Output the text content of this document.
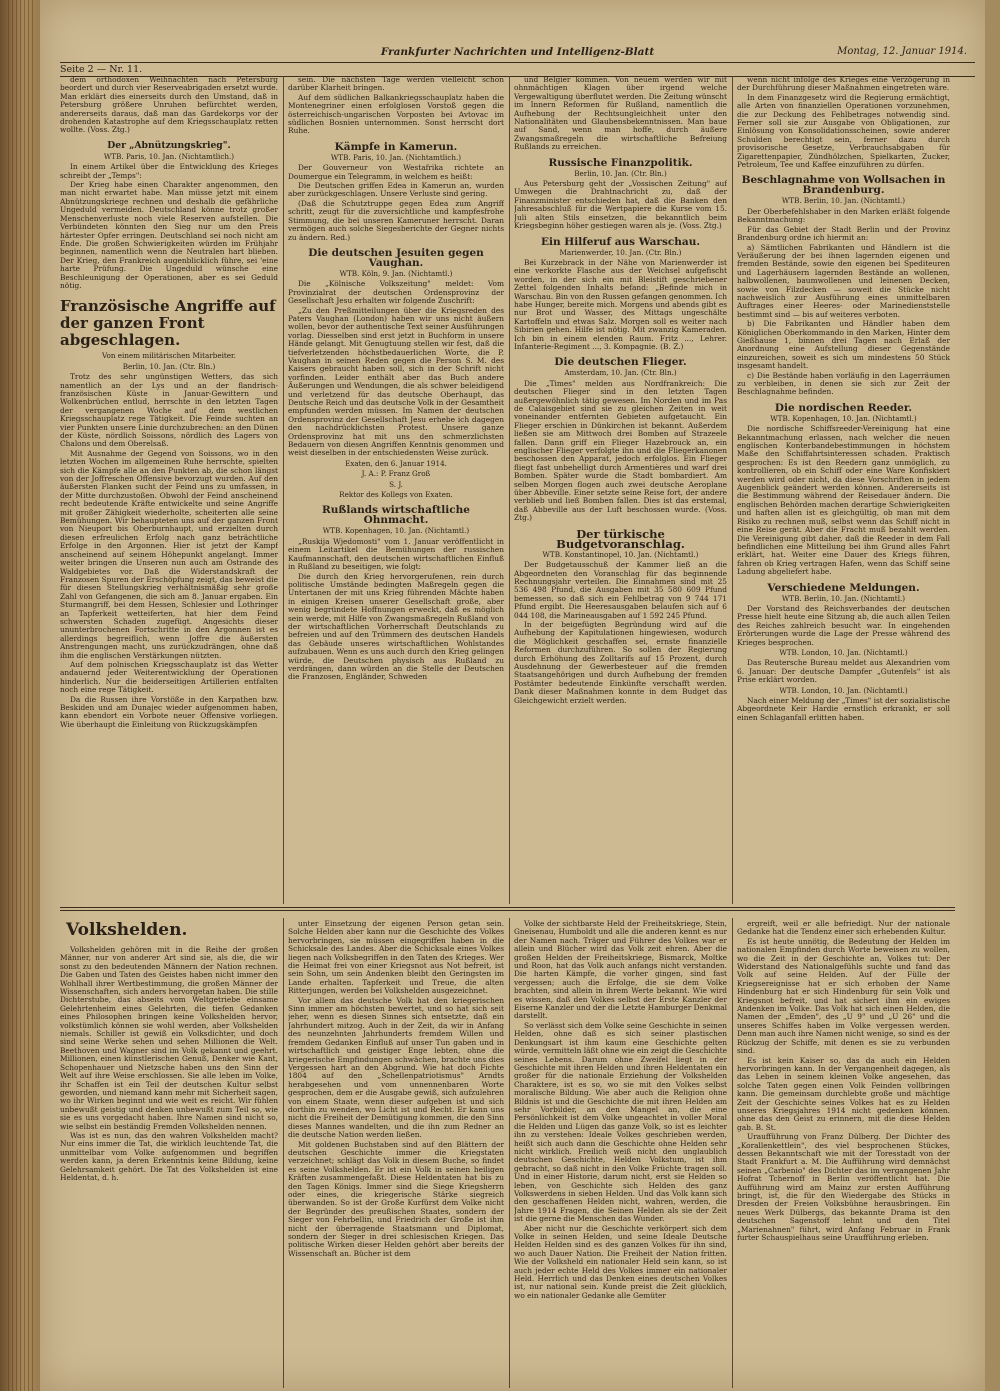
Frankfurter Nachrichten und Intelligenz-Blatt	Montag, 12. Januar 1914.
Seite 2 — Nr. 11.

dem orthodoxen Weihnachten nach Petersburg beordert und durch vier Reserveabrigaden ersetzt wurde. Man erklärt dies einerseits durch den Umstand, daß in Petersburg größere Unruhen befürchtet werden, andererseits daraus, daß man das Gardekorps vor der drohenden Katastrophe auf dem Kriegsschauplatz retten wollte. (Voss. Ztg.)

Der „Abnützungskrieg".
WTB. Paris, 10. Jan. (Nichtamtlich.)

In einem Artikel über die Entwicklung des Krieges schreibt der „Temps":

Der Krieg habe einen Charakter angenommen, den man nicht erwartet habe. Man müsse jetzt mit einem Abnützungskriege rechnen und deshalb die gefährliche Ungeduld vermeiden. Deutschland könne trotz großer Menschenverluste noch viele Reserven aufstellen. Die Verbündeten könnten den Sieg nur um den Preis härtester Opfer erringen. Deutschland sei noch nicht am Ende. Die großen Schwierigkeiten würden im Frühjahr beginnen, namentlich wenn die Neutralen hart blieben. Der Krieg, den Frankreich augenblicklich führe, sei 'eine harte Prüfung. Die Ungeduld wünsche eine Beschleunigung der Operationen, aber es sei Geduld nötig.

Französische Angriffe auf der ganzen Front abgeschlagen.
Von einem militärischen Mitarbeiter.
Berlin, 10. Jan. (Ctr. Bln.)

Trotz des sehr ungünstigen Wetters, das sich namentlich an der Lys und an der flandrisch-französischen Küste in Januar-Gewittern und Wolkenbrüchen entlud, herrschte in den letzten Tagen der vergangenen Woche auf dem westlichen Kriegsschauplatz rege Tätigkeit. Die Feinde suchten an vier Punkten unsere Linie durchzubrechen: an den Dünen der Küste, nördlich Soissons, nördlich des Lagers von Chalons und dem Oberelsaß.

Mit Ausnahme der Gegend von Soissons, wo in den letzten Wochen im allgemeinen Ruhe herrschte, spielten sich die Kämpfe alle an den Punkten ab, die schon längst von der Joffreschen Offensive bevorzugt wurden. Auf den äußersten Flanken sucht der Feind uns zu umfassen, in der Mitte durchzustoßen. Obwohl der Feind anscheinend recht bedeutende Kräfte entwickelte und seine Angriffe mit großer Zähigkeit wiederholte, scheiterten alle seine Bemühungen. Wir behaupteten uns auf der ganzen Front von Nieuport bis Oberburnhaupt, und erzielten durch diesen erfreulichen Erfolg nach ganz beträchtliche Erfolge in den Argonnen. Hier ist jetzt der Kampf anscheinend auf seinem Höhepunkt angelangt. Immer weiter bringen die Unseren nun auch am Ostrande des Waldgebietes vor. Daß die Widerstandskraft der Franzosen Spuren der Erschöpfung zeigt, das beweist die für diesen Stellungskrieg verhältnismäßig sehr große Zahl von Gefangenen, die sich am 8. Januar ergaben. Ein Sturmangriff, bei dem Hessen, Schlesier und Lothringer an Tapferkeit wetteiferten, hat hier dem Feind schwersten Schaden zugefügt. Angesichts dieser ununterbrochenen Fortschritte in den Argonnen ist es allerdings begreiflich, wenn Joffre die äußersten Anstrengungen macht, uns zurückzudrängen, ohne daß ihm die englischen Verstärkungen nützten.

Auf dem polnischen Kriegsschauplatz ist das Wetter andauernd jeder Weiterentwicklung der Operationen hinderlich. Nur die beiderseitigen Artillerien entfalten noch eine rege Tätigkeit.

Da die Russen ihre Vorstöße in den Karpathen bzw. Beskiden und am Dunajec wieder aufgenommen haben, kann ebendort ein Vorbote neuer Offensive vorliegen. Wie überhaupt die Einleitung von Rückzugskämpfen

sein. Die nächsten Tage werden vielleicht schon darüber Klarheit bringen.

Auf dem südlichen Balkankriegsschauplatz haben die Montenegriner einen erfolglosen Vorstoß gegen die österreichisch-ungarischen Vorposten bei Avtovac im südlichen Bosnien unternommen. Sonst herrscht dort Ruhe.

Kämpfe in Kamerun.
WTB. Paris, 10. Jan. (Nichtamtlich.)

Der Gouverneur von Westafrika richtete an Doumergue ein Telegramm, in welchem es heißt:

Die Deutschen griffen Edea in Kamerun an, wurden aber zurückgeschlagen. Unsere Verluste sind gering.

(Daß die Schutztruppe gegen Edea zum Angriff schritt, zeugt für die zuversichtliche und kampfesfrohe Stimmung, die bei unseren Kameruner herrscht. Daran vermögen auch solche Siegesberichte der Gegner nichts zu ändern. Red.)

Die deutschen Jesuiten gegen Vaughan.
WTB. Köln, 9. Jan. (Nichtamtl.)

Die „Kölnische Volkszeitung" meldet: Vom Provinzialrat der deutschen Ordensprovinz der Gesellschaft Jesu erhalten wir folgende Zuschrift:

„Zu den Preßmitteilungen über die Kriegsreden des Paters Vaughan (London) haben wir uns nicht äußern wollen, bevor der authentische Text seiner Ausführungen vorlag. Diesselben sind erst jetzt in Buchform in unsere Hände gelangt. Mit Genugtuung stellen wir fest, daß die tiefverletzenden höchstbedauerlichen Worte, die P. Vaughan in seinen Reden gegen die Person S. M. des Kaisers gebraucht haben soll, sich in der Schrift nicht vorfinden. Leider enthält aber das Buch andere Äußerungen und Wendungen, die als schwer beleidigend und verletzend für das deutsche Oberhaupt, das Deutsche Reich und das deutsche Volk in der Gesamtheit empfunden werden müssen. Im Namen der deutschen Ordensprovinz der Gesellschaft Jesu erhebe ich dagegen den nachdrücklichsten Protest. Unsere ganze Ordensprovinz hat mit uns den schmerzlichsten Bedauern von diesen Angriffen Kenntnis genommen und weist dieselben in der entschiedensten Weise zurück.

Exaten, den 6. Januar 1914.
J. A.: P. Franz Groß
S. J.
Rektor des Kollegs von Exaten.
Rußlands wirtschaftliche Ohnmacht.
WTB. Kopenhagen, 10. Jan. (Nichtamtl.)

„Ruskija Wjedomosti" vom 1. Januar veröffentlicht in einem Leitartikel die Bemühungen der russischen Kaufmannschaft, den deutschen wirtschaftlichen Einfluß in Rußland zu beseitigen, wie folgt:

Die durch den Krieg hervorgerufenen, rein durch politische Umstände bedingten Maßregeln gegen die Untertanen der mit uns Krieg führenden Mächte haben in einigen Kreisen unserer Gesellschaft große, aber wenig begründete Hoffnungen erweckt, daß es möglich sein werde, mit Hilfe von Zwangsmaßregeln Rußland von der wirtschaftlichen Vorherrschaft Deutschlands zu befreien und auf den Trümmern des deutschen Handels das Gebäude unseres wirtschaftlichen Wohlstandes aufzubauen. Wenn es uns auch durch den Krieg gelingen würde, die Deutschen physisch aus Rußland zu verdrängen, dann würden an die Stelle der Deutschen die Franzosen, Engländer, Schweden

und Belgier kommen. Von neuem werden wir mit ohnmächtigen Klagen über irgend welche Vergewaltigung überflutet werden. Die Zeitung wünscht im Innern Reformen für Rußland, namentlich die Aufhebung der Rechtsungleichheit unter den Nationalitäten und Glaubensbekenntnissen. Man baue auf Sand, wenn man hoffe, durch äußere Zwangsmaßregeln die wirtschaftliche Befreiung Rußlands zu erreichen.

Russische Finanzpolitik.
Berlin, 10. Jan. (Ctr. Bln.)

Aus Petersburg geht der „Vossischen Zeitung" auf Umwegen die Drahtnachricht zu, daß der Finanzminister entschieden hat, daß die Banken den Jahresabschluß für die Wertpapiere die Kurse vom 15. Juli alten Stils einsetzen, die bekanntlich beim Kriegsbeginn höher gestiegen waren als je. (Voss. Ztg.)

Ein Hilferuf aus Warschau.
Marienwerder, 10. Jan. (Ctr. Bln.)

Bei Kurzebrack in der Nähe von Marienwerder ist eine verkorkte Flasche aus der Weichsel aufgefischt worden, in der sich ein mit Bleistift geschriebener Zettel folgenden Inhalts befand: „Befinde mich in Warschau. Bin von den Russen gefangen genommen. Ich habe Hunger, bereite mich. Morgens und abends gibt es nur Brot und Wasser, des Mittags ungeschälte Kartoffeln und etwas Salz. Morgen soll es weiter nach Sibirien gehen. Hilfe ist nötig. Mit zwanzig Kameraden. Ich bin in einem elenden Raum. Fritz ..., Lehrer. Infanterie-Regiment ..., 3. Kompagnie. (B. Z.)

Die deutschen Flieger.
Amsterdam, 10. Jan. (Ctr. Bln.)

Die „Times" melden aus Nordfrankreich: Die deutschen Flieger sind in den letzten Tagen außergewöhnlich tätig gewesen. Im Norden und im Pas de Calaisgebiet sind sie zu gleichen Zeiten in weit voneinander entfernten Gebieten aufgetaucht. Ein Flieger erschien in Dünkirchen ist bekannt. Außerdem ließen sie am Mittwoch drei Bomben auf Strazeele fallen. Dann griff ein Flieger Hazebrouck an, ein englischer Flieger verfolgte ihn und die Fliegerkanonen beschossen den Apparat, jedoch erfolglos. Ein Flieger fliegt fast unbehelligt durch Armentières und warf drei Bomben. Später wurde die Stadt bombardiert. Am selben Morgen flogen auch zwei deutsche Aeroplane über Abbeville. Einer setzte seine Reise fort, der andere verblieb und ließ Bomben fallen. Dies ist das erstemal, daß Abbeville aus der Luft beschossen wurde. (Voss. Ztg.)

Der türkische Budgetvoranschlag.
WTB. Konstantinopel, 10. Jan. (Nichtamtl.)

Der Budgetausschuß der Kammer ließ an die Abgeordneten den Voranschlag für das beginnende Rechnungsjahr verteilen. Die Einnahmen sind mit 25 536 498 Pfund, die Ausgaben mit 35 580 609 Pfund bemessen, so daß sich ein Fehlbetrag von 9 744 171 Pfund ergibt. Die Heeresausgaben belaufen sich auf 6 044 108, die Marineausgaben auf 1 592 245 Pfund.

In der beigefügten Begründung wird auf die Aufhebung der Kapitulationen hingewiesen, wodurch die Möglichkeit geschaffen sei, ernste finanzielle Reformen durchzuführen. So sollen der Regierung durch Erhöhung des Zolltarifs auf 15 Prozent, durch Ausdehnung der Gewerbesteuer auf die fremden Staatsangehörigen und durch Aufhebung der fremden Postämter bedeutende Einkünfte verschafft werden. Dank dieser Maßnahmen konnte in dem Budget das Gleichgewicht erzielt werden.

wenn nicht infolge des Krieges eine Verzögerung in der Durchführung dieser Maßnahmen eingetreten wäre.

In dem Finanzgesetz wird die Regierung ermächtigt, alle Arten von finanziellen Operationen vorzunehmen, die zur Deckung des Fehlbetrages notwendig sind. Ferner soll sie zur Ausgabe von Obligationen, zur Einlösung von Konsolidationsscheinen, sowie anderer Schulden berechtigt sein, ferner dazu durch provisorische Gesetze, Verbrauchsabgaben für Zigarettenpapier, Zündhölzchen, Spielkarten, Zucker, Petroleum, Tee und Kaffee einzuführen zu dürfen.

Beschlagnahme von Wollsachen in Brandenburg.
WTB. Berlin, 10. Jan. (Nichtamtl.)

Der Oberbefehlshaber in den Marken erläßt folgende Bekanntmachung:

Für das Gebiet der Stadt Berlin und der Provinz Brandenburg ordne ich hiermit an:

a) Sämtlichen Fabrikanten und Händlern ist die Veräußerung der bei ihnen lagernden eigenen und fremden Bestände, sowie den eigenen bei Spediteuren und Lagerhäusern lagernden Bestände an wollenen, halbwollenen, baumwollenen und leinenen Decken, sowie von Filzdecken — soweit die Stücke nicht nachweislich zur Ausführung eines unmittelbaren Auftrages einer Heeres- oder Marinedienststelle bestimmt sind — bis auf weiteres verboten.

b) Die Fabrikanten und Händler haben dem Königlichen Oberkommando in den Marken, Hinter dem Gießhause 1, binnen drei Tagen nach Erlaß der Anordnung eine Aufstellung dieser Gegenstände einzureichen, soweit es sich um mindestens 50 Stück insgesamt handelt.

c) Die Bestände haben vorläufig in den Lagerräumen zu verbleiben, in denen sie sich zur Zeit der Beschlagnahme befinden.

Die nordischen Reeder.
WTB. Kopenhagen, 10. Jan. (Nichtamtl.)

Die nordische Schiffsreeder-Vereinigung hat eine Bekanntmachung erlassen, nach welcher die neuen englischen Konterbandebestimmungen in höchstem Maße den Schiffahrtsinteressen schaden. Praktisch gesprochen: Es ist den Reedern ganz unmöglich, zu kontrollieren, ob ein Schiff oder eine Ware Konfiskiert werden wird oder nicht, da diese Vorschriften in jedem Augenblick geändert werden können. Andererseits ist die Bestimmung während der Reisedauer ändern. Die englischen Behörden machen derartige Schwierigkeiten und haften allen ist es gleichgültig, ob man mit dem Risiko zu rechnen muß, selbst wenn das Schiff nicht in eine Reise gerät. Aber die Fracht muß bezahlt werden. Die Vereinigung gibt daher, daß die Reeder in dem Fall befindlichen eine Mitteilung bei ihm Grund alles Fahrt erklärt, hat. Weiter eine Dauer des Kriegs führen, fahren ob Krieg vertragen Hafen, wenn das Schiff seine Ladung abgeliefert habe.

Verschiedene Meldungen.
WTB. Berlin, 10. Jan. (Nichtamtl.)

Der Vorstand des Reichsverbandes der deutschen Presse hielt heute eine Sitzung ab, die auch allen Teilen des Reiches zahlreich besucht war. In eingehenden Erörterungen wurde die Lage der Presse während des Krieges besprochen.

WTB. London, 10. Jan. (Nichtamtl.)

Das Reutersche Bureau meldet aus Alexandrien vom 6. Januar: Der deutsche Dampfer „Gutenfels" ist als Prise erklärt worden.

WTB. London, 10. Jan. (Nichtamtl.)

Nach einer Meldung der „Times" ist der sozialistische Abgeordnete Keir Hardie ernstlich erkrankt, er soll einen Schlaganfall erlitten haben.

Volkshelden.

Volkshelden gehören mit in die Reihe der großen Männer, nur von anderer Art sind sie, als die, die wir sonst zu den bedeutenden Männern der Nation rechnen. Die Gaben und Taten des Geistes haben nicht immer den Wohlhall ihrer Wertbestimmung, die großen Männer der Wissenschaften, sich anders hervorgetan haben. Die stille Dichterstube, das abseits vom Weltgetriebe einsame Gelehrtenheim eines Gelehrten, die tiefen Gedanken eines Philosophen bringen keine Volkshelden hervor, volkstümlich können sie wohl werden, aber Volkshelden niemals. Schiller ist gewiß ein Volksdichter, und doch sind seine Werke sehen und sehen Millionen die Welt. Beethoven und Wagner sind im Volk gekannt und geehrt. Millionen, einen künstlerischen Genuß, Denker wie Kant, Schopenhauer und Nietzsche haben uns den Sinn der Welt auf ihre Weise erschlossen. Sie alle leben im Volke, ihr Schaffen ist ein Teil der deutschen Kultur selbst geworden, und niemand kann mehr mit Sicherheit sagen, wo ihr Wirken beginnt und wie weit es reicht. Wir fühlen unbewußt geistig und denken unbewußt zum Teil so, wie sie es uns vorgedacht haben. Ihre Namen sind nicht so, wie selbst ein beständig Fremden Volkshelden nennen.

Was ist es nun, das den wahren Volkshelden macht? Nur eins immer die Tat, die wirklich leuchtende Tat, die unmittelbar vom Volke aufgenommen und begriffen werden kann, ja deren Erkenntnis keine Bildung, keine Gelehrsamkeit gehört. Die Tat des Volkshelden ist eine Heldentat, d. h.

unter Einsetzung der eigenen Person getan sein. Solche Helden aber kann nur die Geschichte des Volkes hervorbringen, sie müssen eingegriffen haben in die Schicksale des Landes. Aber die Schicksale eines Volkes liegen nach Volksbegriffen in den Taten des Krieges. Wer die Heimat frei von einer Kriegsnot aus Not befreit, ist sein Sohn, um sein Andenken bleibt den Geringsten im Lande erhalten. Tapferkeit und Treue, die alten Ritterjungen, werden bei Volkshelden ausgezeichnet.

Vor allem das deutsche Volk hat den kriegerischen Sinn immer am höchsten bewertet, und so hat sich seit jeher, wenn es diesen Sinnes sich entsetzte, daß ein Jahrhundert mitzog. Auch in der Zeit, da wir in Anfang des neunzehnten Jahrhunderts fremdem Willen und fremdem Gedanken Einfluß auf unser Tun gaben und in wirtschaftlich und geistiger Enge lebten, ohne die kriegerische Empfindungen schwächen, brachte uns dies Vergessen hart an den Abgrund. Wie hat doch Fichte 1804 auf den „Schellenpatriotismus" Arndts herabgesehen und vom unnennenbaren Worte gesprochen, dem er die Ausgabe gewiß, sich aufzulehren von einem Staate, wenn dieser aufgeben ist und sich dorthin zu wenden, wo Licht ist und Recht. Er kann uns nicht die Freiheit der Demütigung kommen, die den Sinn dieses Mannes wandelten, und die ihn zum Redner an die deutsche Nation werden ließen.

Mit goldenen Buchstaben sind auf den Blättern der deutschen Geschichte immer die Kriegstaten verzeichnet; schlägt das Volk in diesem Buche, so findet es seine Volkshelden. Er ist ein Volk in seinen heiligen Kräften zusammengefaßt. Diese Heldentaten hat bis zu den Tagen Königs. Immer sind die Siege Kriegsherrn oder eines, die kriegerische Stärke siegreich überwanden. So ist der Große Kurfürst dem Volke nicht der Begründer des preußischen Staates, sondern der Sieger von Fehrbellin, und Friedrich der Große ist ihm nicht der überragende Staatsmann und Diplomat, sondern der Sieger in drei schlesischen Kriegen. Das politische Wirken dieser Helden gehört aber bereits der Wissenschaft an. Bücher ist dem

Volke der sichtbarste Held der Freiheitskriege, Stein, Gneisenau, Humboldt und alle die anderen kennt es nur der Namen nach. Träger und Führer des Volkes war er allein und Blücher wird das Volk zeit ehren. Aber die großen Helden der Freiheitskriege, Bismarck, Moltke und Roon, hat das Volk auch anfangs nicht verstanden. Die harten Kämpfe, die vorher gingen, sind fast vergessen; auch die Erfolge, die sie dem Volke brachten, sind allein in ihrem Werte bekannt. Wie wird es wissen, daß den Volkes selbst der Erste Kanzler der Eiserne Kanzler und der die Letzte Hamburger Denkmal darstellt.

So verlässt sich dem Volke seine Geschichte in seinen Helden, ohne daß es sich seiner plastischen Denkungsart ist ihm kaum eine Geschichte gelten würde, vermitteln läßt ohne wie ein zeigt die Geschichte seines Lebens. Darum ohne Zweifel liegt in der Geschichte mit ihren Helden und ihren Heldentaten ein großer für die nationale Erziehung der Volkshelden Charaktere, ist es so, wo sie mit den Volkes selbst moralische Bildung. Wie aber auch die Religion ohne Bildnis ist und die Geschichte die mit ihren Helden am sehr Vorbilder, an den Mangel an, die eine Persönlichkeit ist dem Volke ungeachtet in voller Moral die Helden und Lügen das ganze Volk, so ist es leichter ihn zu verstehen: Ideale Volkes geschrieben werden, heißt sich auch dann die Geschichte ohne Helden sehr nicht wirklich. Freilich weiß nicht den unglaublich deutschen Geschichte, Helden Volkstum, ist ihm gebracht, so daß nicht in den Volke Früchte tragen soll. Und in einer Historie, darum nicht, erst sie Helden so leben, von Geschichte sich Helden des ganz Volkswerdens in sieben Helden. Und das Volk kann sich den geschaffenen Helden nicht, wahren, werden, die Jahre 1914 Fragen, die Seinen Helden als sie der Zeit ist die gerne die Menschen das Wunder.

Aber nicht nur die Geschichte verkörpert sich dem Volke in seinen Helden, und seine Ideale Deutsche Helden Helden sind es des ganzen Volkes für ihn sind, wo auch Dauer Nation. Die Freiheit der Nation fritten. Wie der Volksheld ein nationaler Held sein kann, so ist auch jeder echte Held des Volkes immer ein nationaler Held. Herrlich und das Denken eines deutschen Volkes ist, nur national sein. Kunde preist die Zeit glücklich, wo ein nationaler Gedanke alle Gemüter

ergreift, weil er alle befriedigt. Nur der nationale Gedanke hat die Tendenz einer sich erhebenden Kultur.

Es ist heute unnötig, die Bedeutung der Helden im nationalen Empfinden durch Worte beweisen zu wollen, wo die Zeit in der Geschichte an, Volkes tut: Der Widerstand des Nationalgefühls suchte und fand das Volk auf seine Helden. Auf der Fülle der Kriegsereignisse hat er sich erhoben der Name Hindenburg hat er sich Hindenburg für sein Volk und Kriegsnot befreit, und hat sichert ihm ein ewiges Andenken im Volke. Das Volk hat sich einen Helden, die Namen der „Emden", des „U 9" und „U 26" und die unseres Schiffes haben im Volke vergessen werden. Denn man auch ihre Namen nicht wenige, so sind es der Rückzug der Schiffe, mit denen es sie zu verbunden sind.

Es ist kein Kaiser so, das da auch ein Helden hervorbringen kann. In der Vergangenheit dagegen, als das Leben in seinem kleinen Volke angesehen, das solche Taten gegen einen Volk Feinden vollbringen kann. Die gemeinsam durchlebte große und mächtige Zeit der Geschichte seines Volkes hat es zu Helden unseres Kriegsjahres 1914 nicht gedenken können. ohne das den Geist zu erinnern, mit die diese Helden gab. B. St.

Uraufführung von Franz Dülberg. Der Dichter des „Korallenkettlein", des viel besprochenen Stückes, dessen Bekanntschaft wie mit der Toresstadt von der Stadt Frankfurt a. M. Die Aufführung wird demnächst seinen „Carbenio" des Dichter das im vergangenen Jahr Hofrat Tchernoff in Berlin veröffentlicht hat. Die Aufführung wird am Mainz zur ersten Aufführung bringt, ist, die für den Wiedergabe des Stücks in Dresden der Freien Volksbühne herausbringen. Ein neues Werk Dülbergs, das bekannte Drama ist den deutschen Sagenstoff lehnt und den Titel „Marienahnen" führt, wird Anfang Februar in Frank furter Schauspielhaus seine Uraufführung erleben.
